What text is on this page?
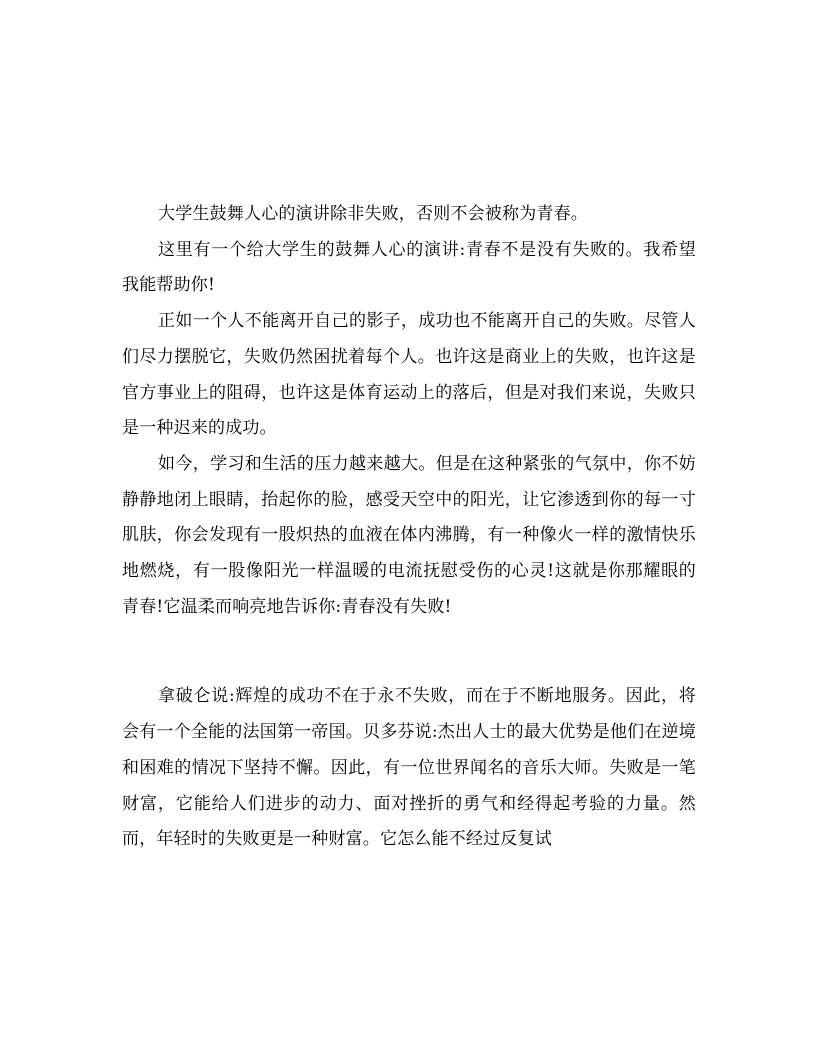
大学生鼓舞人心的演讲除非失败，否则不会被称为青春。

这里有一个给大学生的鼓舞人心的演讲:青春不是没有失败的。我希望我能帮助你!

正如一个人不能离开自己的影子，成功也不能离开自己的失败。尽管人们尽力摆脱它，失败仍然困扰着每个人。也许这是商业上的失败，也许这是官方事业上的阻碍，也许这是体育运动上的落后，但是对我们来说，失败只是一种迟来的成功。

如今，学习和生活的压力越来越大。但是在这种紧张的气氛中，你不妨静静地闭上眼睛，抬起你的脸，感受天空中的阳光，让它渗透到你的每一寸肌肤，你会发现有一股炽热的血液在体内沸腾，有一种像火一样的激情快乐地燃烧，有一股像阳光一样温暖的电流抚慰受伤的心灵!这就是你那耀眼的青春!它温柔而响亮地告诉你:青春没有失败!

拿破仑说:辉煌的成功不在于永不失败，而在于不断地服务。因此，将会有一个全能的法国第一帝国。贝多芬说:杰出人士的最大优势是他们在逆境和困难的情况下坚持不懈。因此，有一位世界闻名的音乐大师。失败是一笔财富，它能给人们进步的动力、面对挫折的勇气和经得起考验的力量。然而，年轻时的失败更是一种财富。它怎么能不经过反复试
